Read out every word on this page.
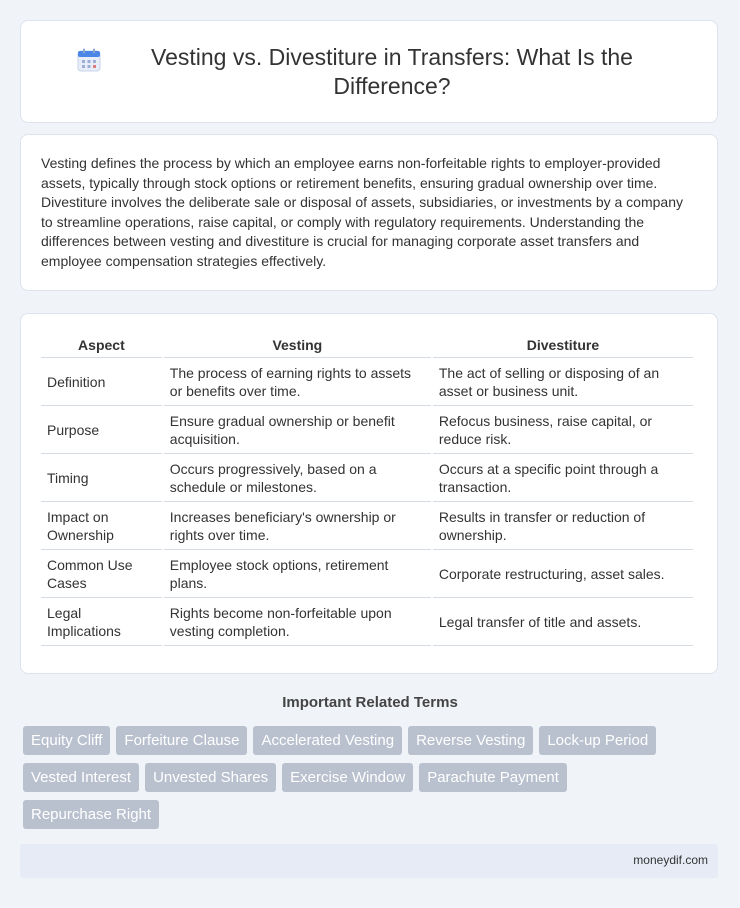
Vesting vs. Divestiture in Transfers: What Is the Difference?

Vesting defines the process by which an employee earns non-forfeitable rights to employer-provided assets, typically through stock options or retirement benefits, ensuring gradual ownership over time. Divestiture involves the deliberate sale or disposal of assets, subsidiaries, or investments by a company to streamline operations, raise capital, or comply with regulatory requirements. Understanding the differences between vesting and divestiture is crucial for managing corporate asset transfers and employee compensation strategies effectively.

Aspect	Vesting	Divestiture
Definition	The process of earning rights to assets or benefits over time.	The act of selling or disposing of an asset or business unit.
Purpose	Ensure gradual ownership or benefit acquisition.	Refocus business, raise capital, or reduce risk.
Timing	Occurs progressively, based on a schedule or milestones.	Occurs at a specific point through a transaction.
Impact on Ownership	Increases beneficiary's ownership or rights over time.	Results in transfer or reduction of ownership.
Common Use Cases	Employee stock options, retirement plans.	Corporate restructuring, asset sales.
Legal Implications	Rights become non-forfeitable upon vesting completion.	Legal transfer of title and assets.
Important Related Terms
Equity Cliff Forfeiture Clause Accelerated Vesting Reverse Vesting Lock-up Period
Vested Interest Unvested Shares Exercise Window Parachute Payment
Repurchase Right
moneydif.com
